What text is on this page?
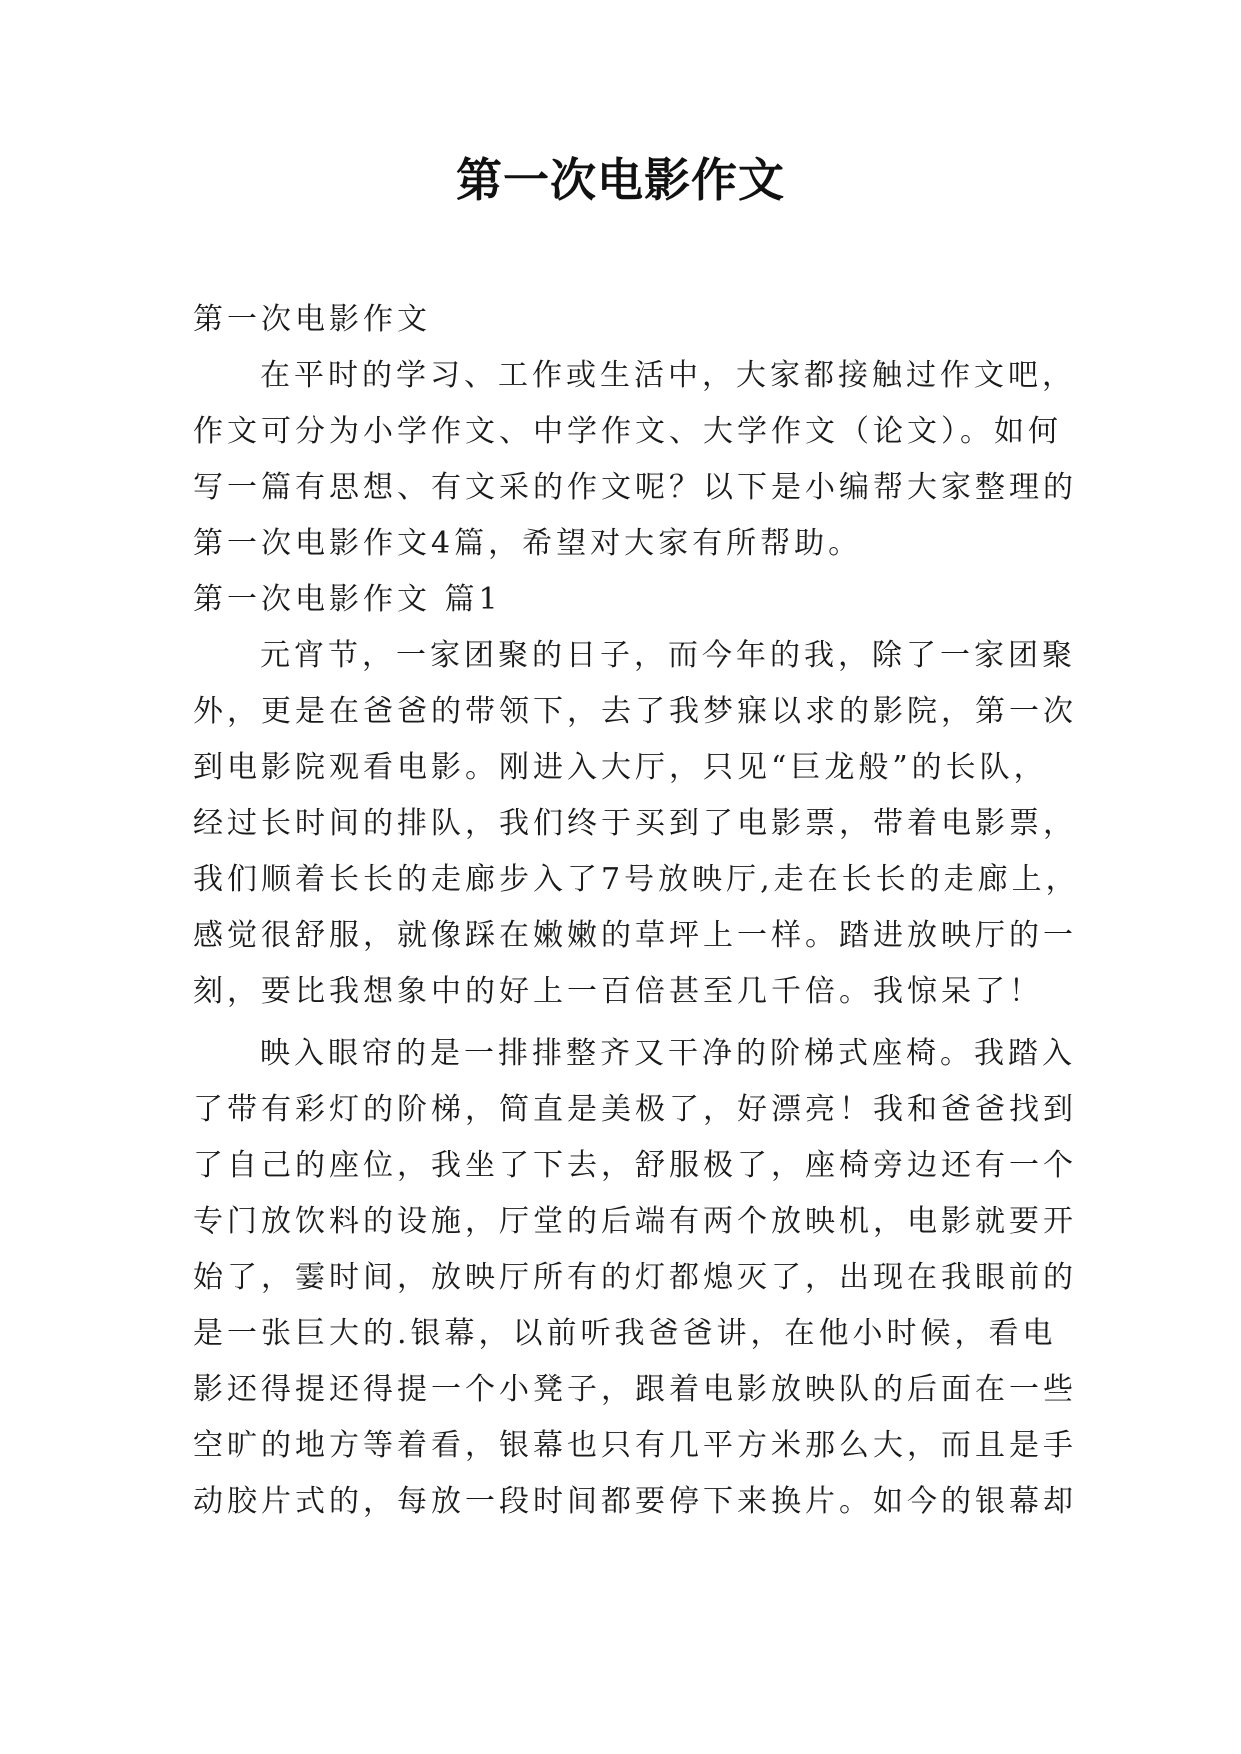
第一次电影作文

第一次电影作文

在平时的学习、工作或生活中，大家都接触过作文吧，

作文可分为小学作文、中学作文、大学作文（论文）。如何

写一篇有思想、有文采的作文呢？以下是小编帮大家整理的

第一次电影作文4篇，希望对大家有所帮助。

第一次电影作文 篇1

元宵节，一家团聚的日子，而今年的我，除了一家团聚

外，更是在爸爸的带领下，去了我梦寐以求的影院，第一次

到电影院观看电影。刚进入大厅，只见“巨龙般”的长队，

经过长时间的排队，我们终于买到了电影票，带着电影票，

我们顺着长长的走廊步入了7号放映厅,走在长长的走廊上，

感觉很舒服，就像踩在嫩嫩的草坪上一样。踏进放映厅的一

刻，要比我想象中的好上一百倍甚至几千倍。我惊呆了！

映入眼帘的是一排排整齐又干净的阶梯式座椅。我踏入

了带有彩灯的阶梯，简直是美极了，好漂亮！我和爸爸找到

了自己的座位，我坐了下去，舒服极了，座椅旁边还有一个

专门放饮料的设施，厅堂的后端有两个放映机，电影就要开

始了，霎时间，放映厅所有的灯都熄灭了，出现在我眼前的

是一张巨大的.银幕，以前听我爸爸讲，在他小时候，看电

影还得提还得提一个小凳子，跟着电影放映队的后面在一些

空旷的地方等着看，银幕也只有几平方米那么大，而且是手

动胶片式的，每放一段时间都要停下来换片。如今的银幕却
